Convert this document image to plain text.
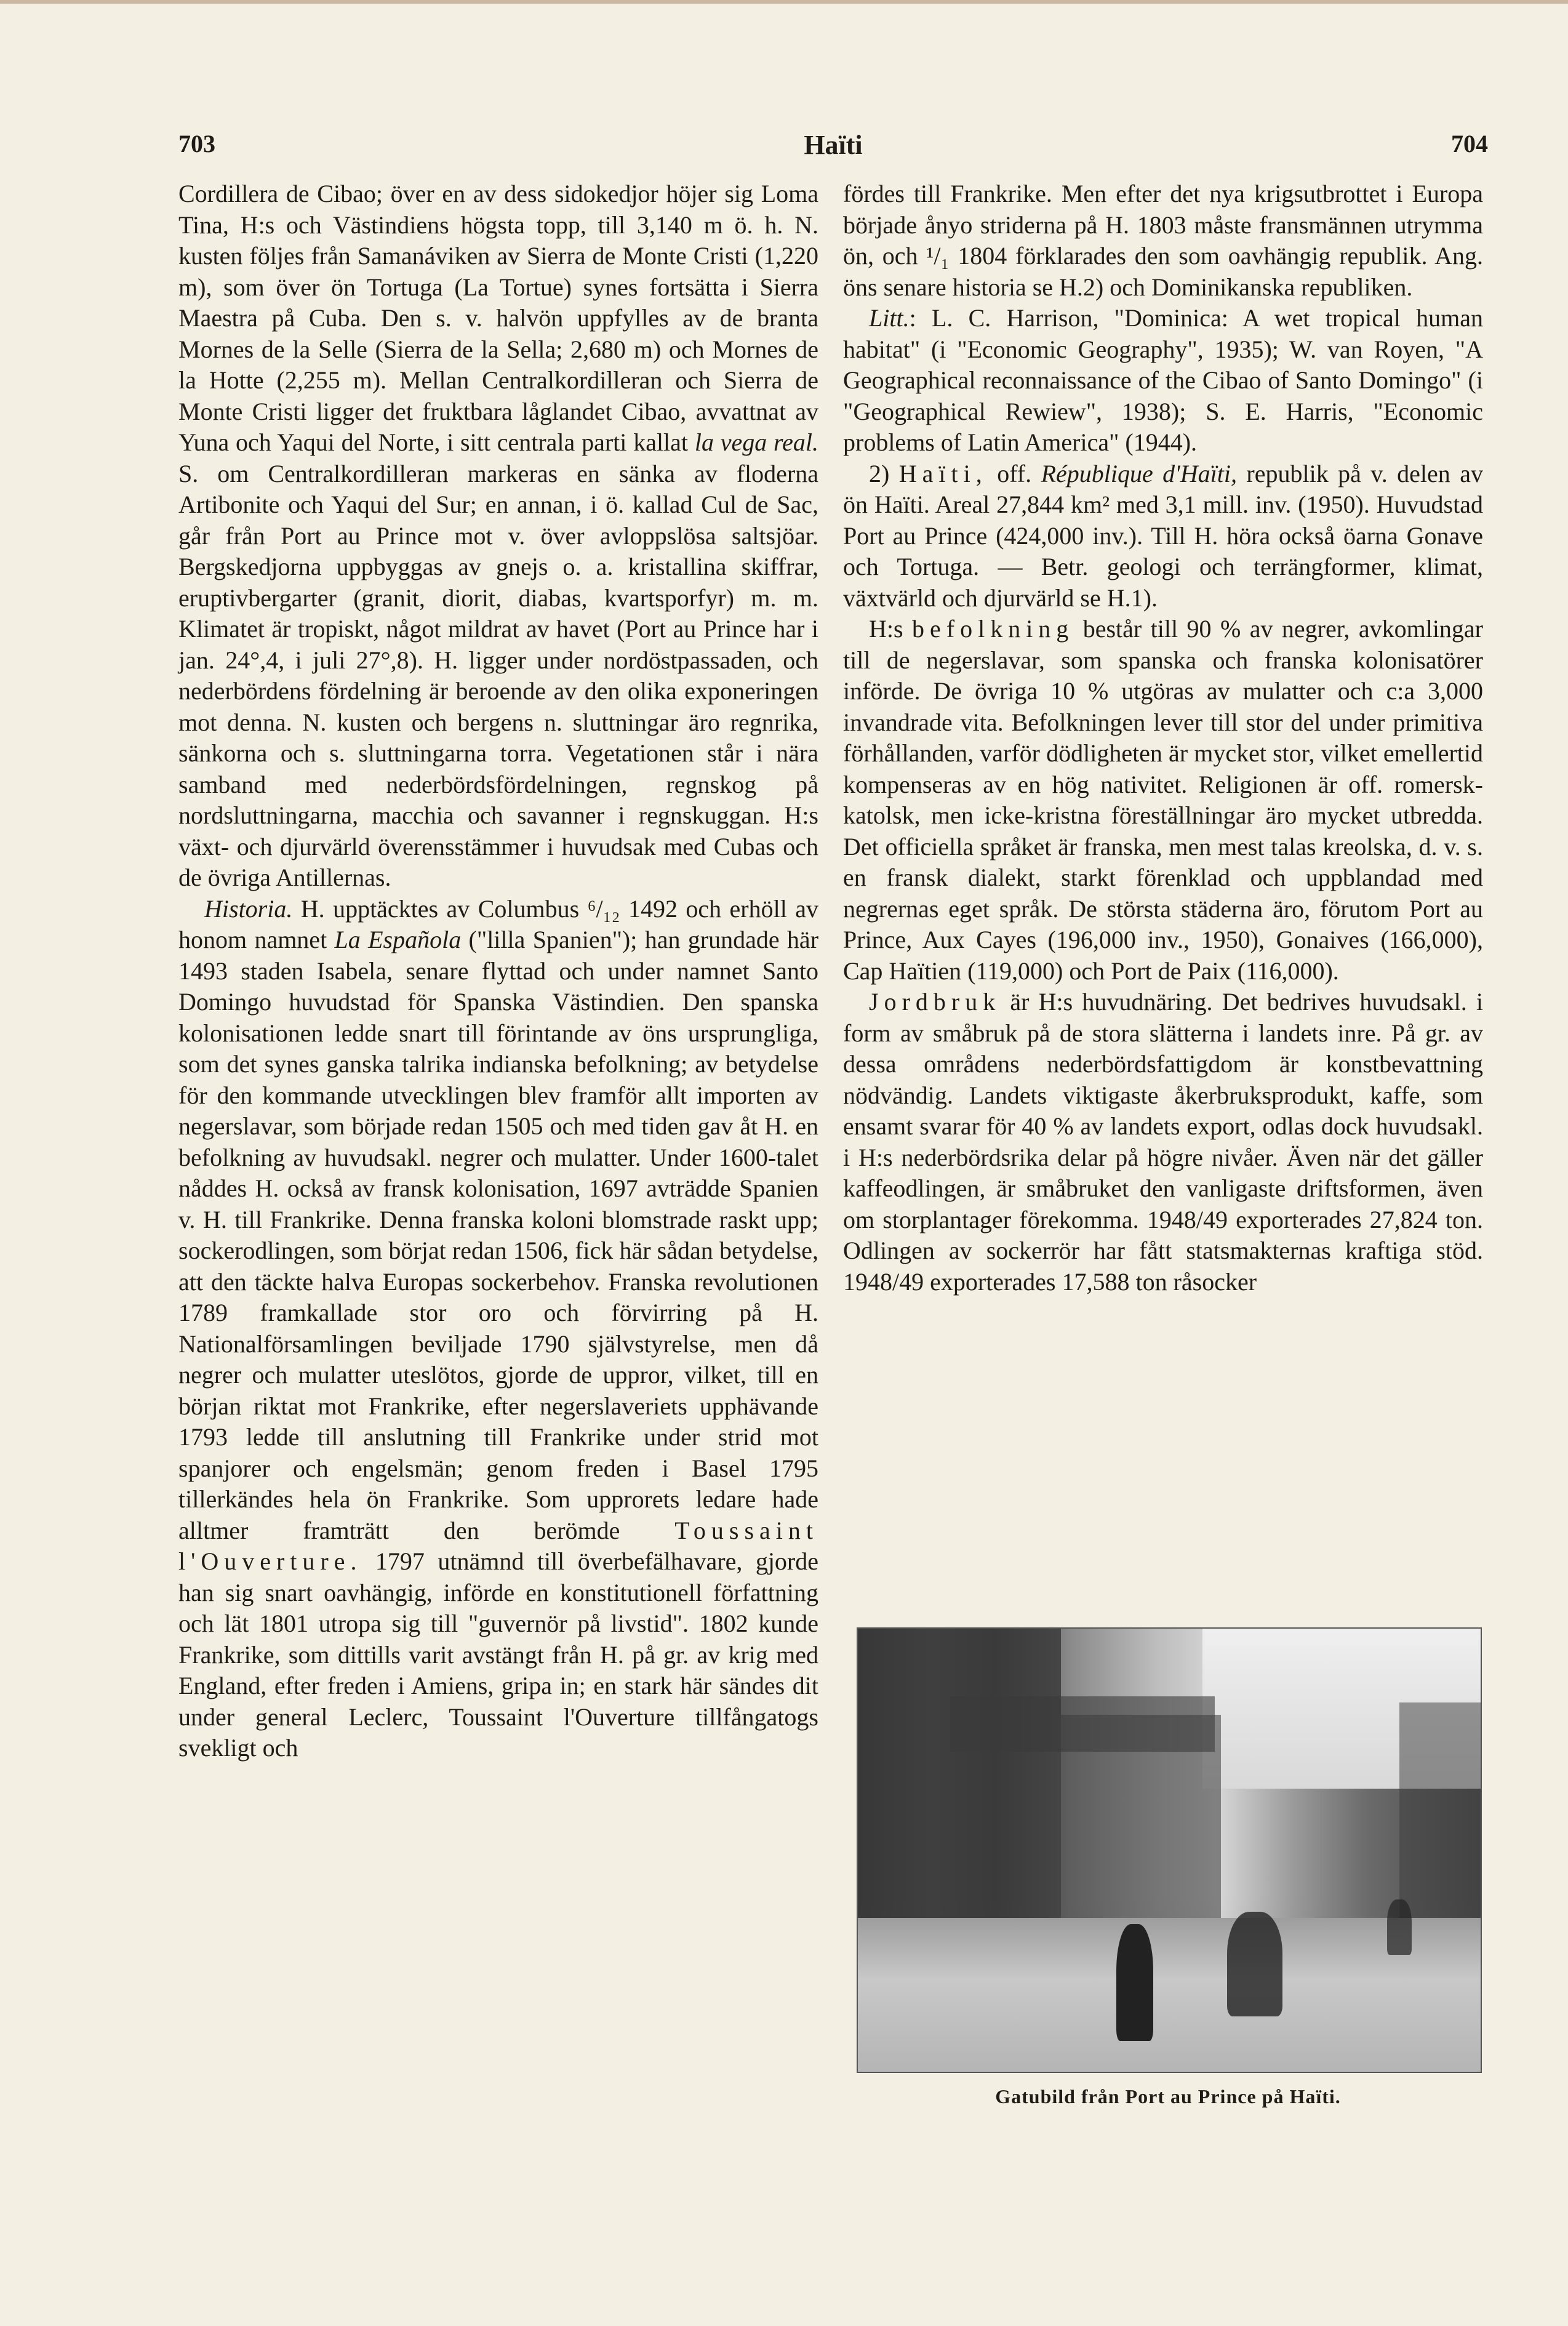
703	Haïti	704

Cordillera de Cibao; över en av dess sidokedjor höjer sig Loma Tina, H:s och Västindiens högsta topp, till 3,140 m ö. h. N. kusten följes från Samanáviken av Sierra de Monte Cristi (1,220 m), som över ön Tortuga (La Tortue) synes fortsätta i Sierra Maestra på Cuba. Den s. v. halvön uppfylles av de branta Mornes de la Selle (Sierra de la Sella; 2,680 m) och Mornes de la Hotte (2,255 m). Mellan Centralkordilleran och Sierra de Monte Cristi ligger det fruktbara låglandet Cibao, avvattnat av Yuna och Yaqui del Norte, i sitt centrala parti kallat la vega real. S. om Centralkordilleran markeras en sänka av floderna Artibonite och Yaqui del Sur; en annan, i ö. kallad Cul de Sac, går från Port au Prince mot v. över avloppslösa saltsjöar. Bergskedjorna uppbyggas av gnejs o. a. kristallina skiffrar, eruptivbergarter (granit, diorit, diabas, kvartsporfyr) m. m. Klimatet är tropiskt, något mildrat av havet (Port au Prince har i jan. 24°,4, i juli 27°,8). H. ligger under nordöstpassaden, och nederbördens fördelning är beroende av den olika exponeringen mot denna. N. kusten och bergens n. sluttningar äro regnrika, sänkorna och s. sluttningarna torra. Vegetationen står i nära samband med nederbördsfördelningen, regnskog på nordsluttningarna, macchia och savanner i regnskuggan. H:s växt- och djurvärld överensstämmer i huvudsak med Cubas och de övriga Antillernas.

Historia. H. upptäcktes av Columbus ⁶/₁₂ 1492 och erhöll av honom namnet La Española ("lilla Spanien"); han grundade här 1493 staden Isabela, senare flyttad och under namnet Santo Domingo huvudstad för Spanska Västindien. Den spanska kolonisationen ledde snart till förintande av öns ursprungliga, som det synes ganska talrika indianska befolkning; av betydelse för den kommande utvecklingen blev framför allt importen av negerslavar, som började redan 1505 och med tiden gav åt H. en befolkning av huvudsakl. negrer och mulatter. Under 1600-talet nåddes H. också av fransk kolonisation, 1697 avträdde Spanien v. H. till Frankrike. Denna franska koloni blomstrade raskt upp; sockerodlingen, som börjat redan 1506, fick här sådan betydelse, att den täckte halva Europas sockerbehov. Franska revolutionen 1789 framkallade stor oro och förvirring på H. Nationalförsamlingen beviljade 1790 självstyrelse, men då negrer och mulatter uteslötos, gjorde de uppror, vilket, till en början riktat mot Frankrike, efter negerslaveriets upphävande 1793 ledde till anslutning till Frankrike under strid mot spanjorer och engelsmän; genom freden i Basel 1795 tillerkändes hela ön Frankrike. Som upprorets ledare hade alltmer framträtt den berömde Toussaint l'Ouverture. 1797 utnämnd till överbefälhavare, gjorde han sig snart oavhängig, införde en konstitutionell författning och lät 1801 utropa sig till "guvernör på livstid". 1802 kunde Frankrike, som dittills varit avstängt från H. på gr. av krig med England, efter freden i Amiens, gripa in; en stark här sändes dit under general Leclerc, Toussaint l'Ouverture tillfångatogs svekligt och

fördes till Frankrike. Men efter det nya krigsutbrottet i Europa började ånyo striderna på H. 1803 måste fransmännen utrymma ön, och ¹/₁ 1804 förklarades den som oavhängig republik. Ang. öns senare historia se H.2) och Dominikanska republiken.

Litt.: L. C. Harrison, "Dominica: A wet tropical human habitat" (i "Economic Geography", 1935); W. van Royen, "A Geographical reconnaissance of the Cibao of Santo Domingo" (i "Geographical Rewiew", 1938); S. E. Harris, "Economic problems of Latin America" (1944).

2) Haïti, off. République d'Haïti, republik på v. delen av ön Haïti. Areal 27,844 km² med 3,1 mill. inv. (1950). Huvudstad Port au Prince (424,000 inv.). Till H. höra också öarna Gonave och Tortuga. — Betr. geologi och terrängformer, klimat, växtvärld och djurvärld se H.1).

H:s befolkning består till 90 % av negrer, avkomlingar till de negerslavar, som spanska och franska kolonisatörer införde. De övriga 10 % utgöras av mulatter och c:a 3,000 invandrade vita. Befolkningen lever till stor del under primitiva förhållanden, varför dödligheten är mycket stor, vilket emellertid kompenseras av en hög nativitet. Religionen är off. romersk-katolsk, men icke-kristna föreställningar äro mycket utbredda. Det officiella språket är franska, men mest talas kreolska, d. v. s. en fransk dialekt, starkt förenklad och uppblandad med negrernas eget språk. De största städerna äro, förutom Port au Prince, Aux Cayes (196,000 inv., 1950), Gonaives (166,000), Cap Haïtien (119,000) och Port de Paix (116,000).

Jordbruk är H:s huvudnäring. Det bedrives huvudsakl. i form av småbruk på de stora slätterna i landets inre. På gr. av dessa områdens nederbördsfattigdom är konstbevattning nödvändig. Landets viktigaste åkerbruksprodukt, kaffe, som ensamt svarar för 40 % av landets export, odlas dock huvudsakl. i H:s nederbördsrika delar på högre nivåer. Även när det gäller kaffeodlingen, är småbruket den vanligaste driftsformen, även om storplantager förekomma. 1948/49 exporterades 27,824 ton. Odlingen av sockerrör har fått statsmakternas kraftiga stöd. 1948/49 exporterades 17,588 ton råsocker

Gatubild från Port au Prince på Haïti.
